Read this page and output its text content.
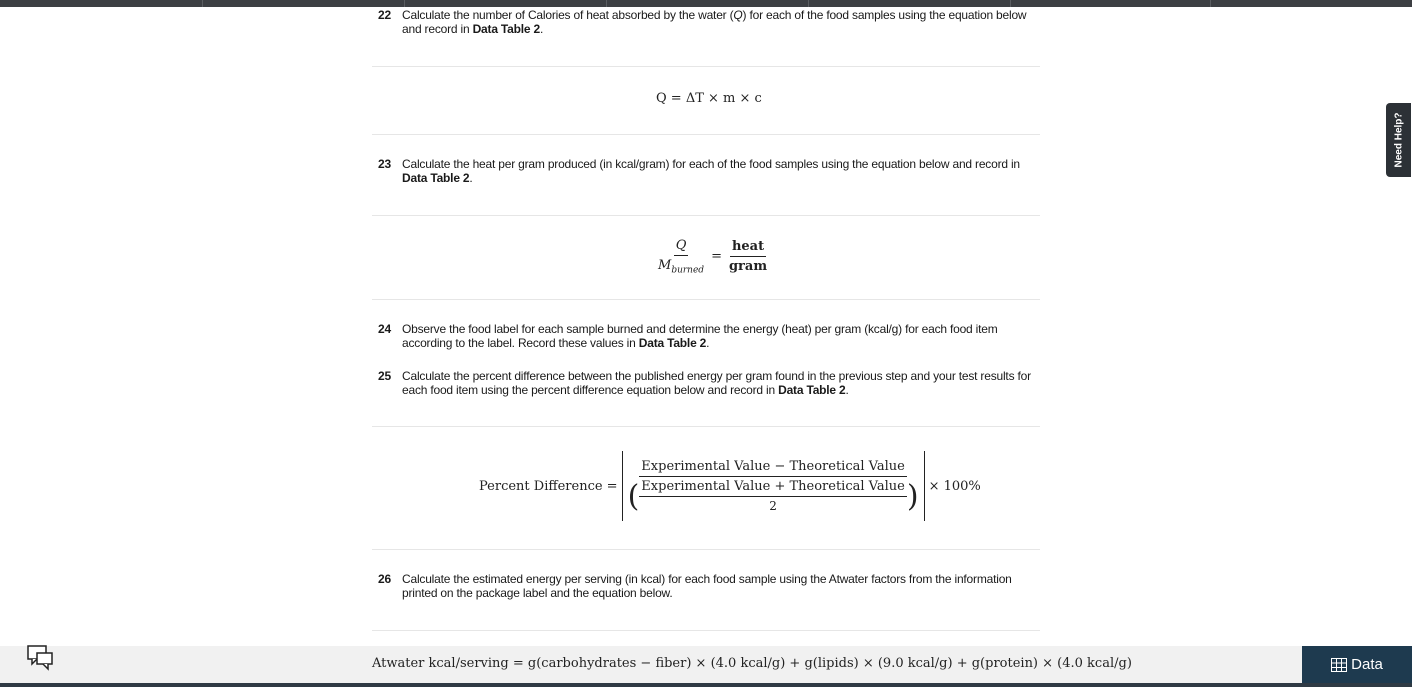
22 Calculate the number of Calories of heat absorbed by the water (Q) for each of the food samples using the equation below and record in Data Table 2.
Q = ΔT × m × c
23 Calculate the heat per gram produced (in kcal/gram) for each of the food samples using the equation below and record in Data Table 2.
$\frac{Q}{M_{burned}} = \frac{\text{heat}}{\text{gram}}$
24 Observe the food label for each sample burned and determine the energy (heat) per gram (kcal/g) for each food item according to the label. Record these values in Data Table 2.
25 Calculate the percent difference between the published energy per gram found in the previous step and your test results for each food item using the percent difference equation below and record in Data Table 2.
Percent Difference =
Experimental Value − Theoretical Value
( $\frac{\text{Experimental Value + Theoretical Value}}{2}$ ) × 100%
26 Calculate the estimated energy per serving (in kcal) for each food sample using the Atwater factors from the information printed on the package label and the equation below.
Need Help?
Atwater kcal/serving = g(carbohydrates − fiber) × (4.0 kcal/g) + g(lipids) × (9.0 kcal/g) + g(protein) × (4.0 kcal/g)	Data
